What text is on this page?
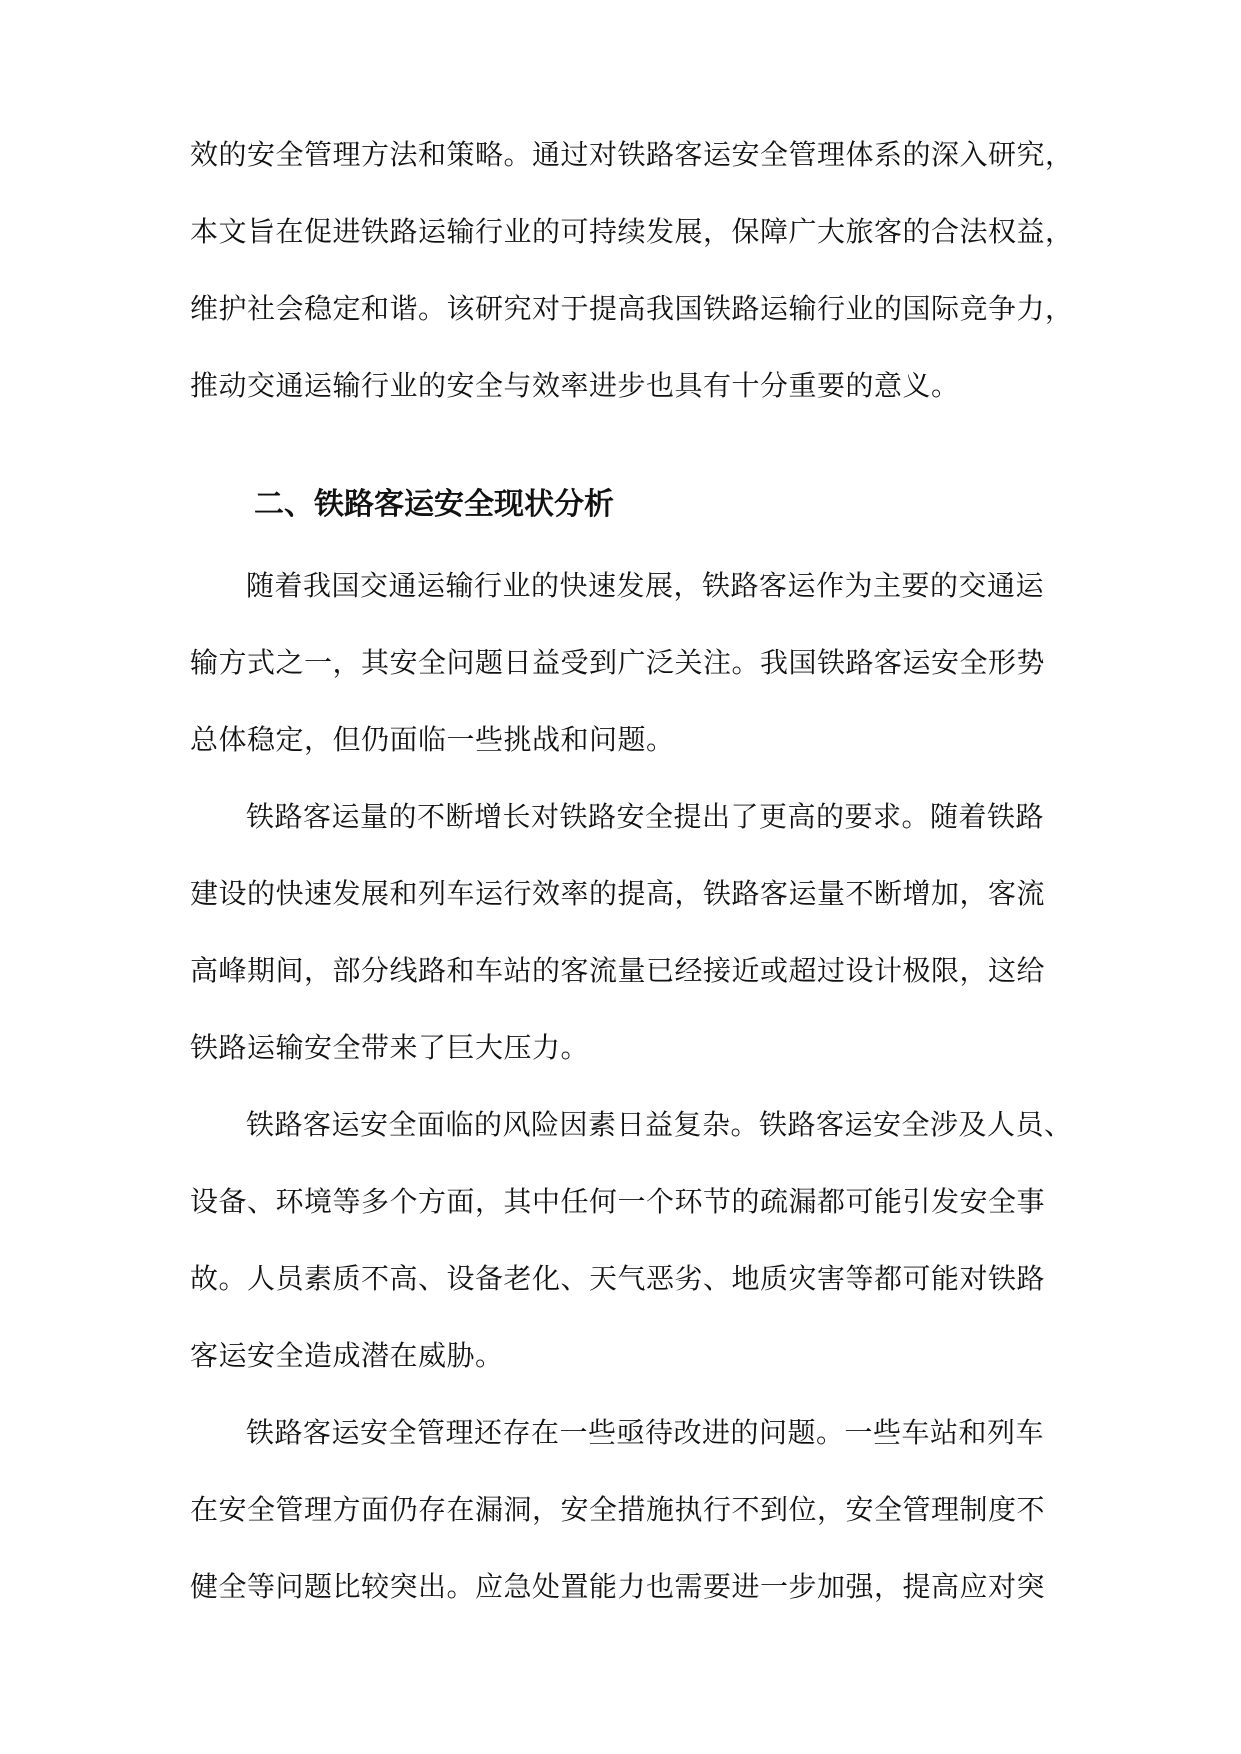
效的安全管理方法和策略。通过对铁路客运安全管理体系的深入研究，
本文旨在促进铁路运输行业的可持续发展，保障广大旅客的合法权益，
维护社会稳定和谐。该研究对于提高我国铁路运输行业的国际竞争力，
推动交通运输行业的安全与效率进步也具有十分重要的意义。
二、铁路客运安全现状分析
随着我国交通运输行业的快速发展，铁路客运作为主要的交通运
输方式之一，其安全问题日益受到广泛关注。我国铁路客运安全形势
总体稳定，但仍面临一些挑战和问题。
铁路客运量的不断增长对铁路安全提出了更高的要求。随着铁路
建设的快速发展和列车运行效率的提高，铁路客运量不断增加，客流
高峰期间，部分线路和车站的客流量已经接近或超过设计极限，这给
铁路运输安全带来了巨大压力。
铁路客运安全面临的风险因素日益复杂。铁路客运安全涉及人员、
设备、环境等多个方面，其中任何一个环节的疏漏都可能引发安全事
故。人员素质不高、设备老化、天气恶劣、地质灾害等都可能对铁路
客运安全造成潜在威胁。
铁路客运安全管理还存在一些亟待改进的问题。一些车站和列车
在安全管理方面仍存在漏洞，安全措施执行不到位，安全管理制度不
健全等问题比较突出。应急处置能力也需要进一步加强，提高应对突
